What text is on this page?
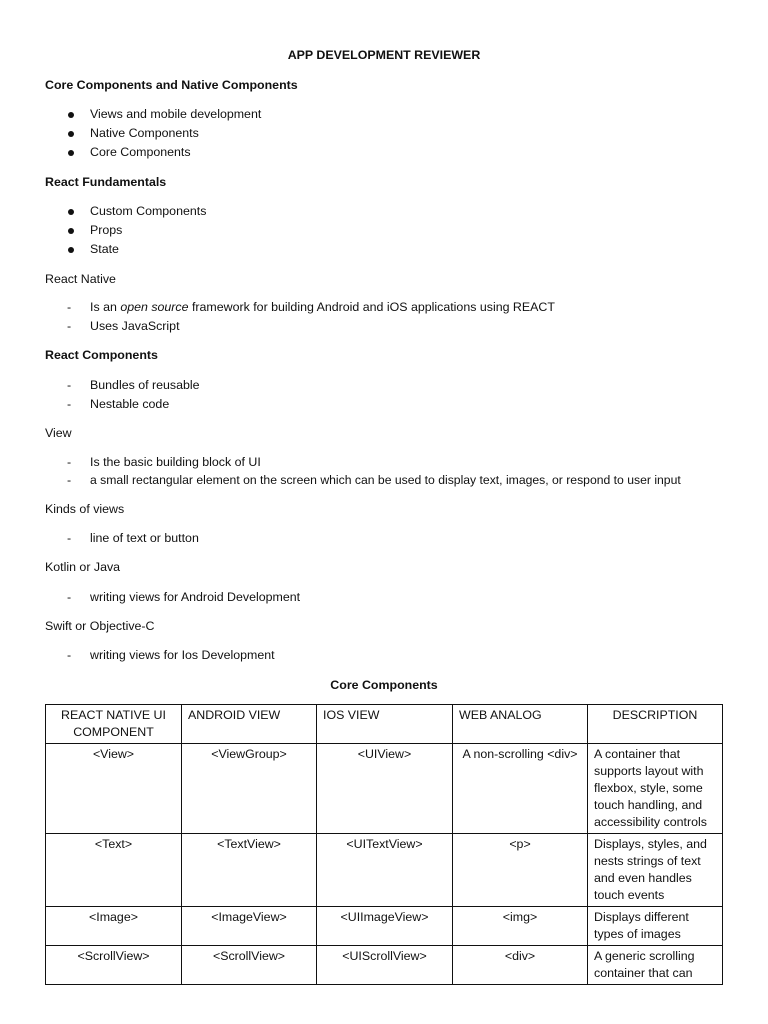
APP DEVELOPMENT REVIEWER
Core Components and Native Components
Views and mobile development
Native Components
Core Components
React Fundamentals
Custom Components
Props
State
React Native
-	Is an open source framework for building Android and iOS applications using REACT
-	Uses JavaScript
React Components
-	Bundles of reusable
-	Nestable code
View
-	Is the basic building block of UI
-	a small rectangular element on the screen which can be used to display text, images, or respond to user input
Kinds of views
-	line of text or button
Kotlin or Java
-	writing views for Android Development
Swift or Objective-C
-	writing views for Ios Development
Core Components
REACT NATIVE UI COMPONENT	ANDROID VIEW	IOS VIEW	WEB ANALOG	DESCRIPTION
<View>	<ViewGroup>	<UIView>	A non-scrolling <div>	A container that supports layout with flexbox, style, some touch handling, and accessibility controls
<Text>	<TextView>	<UITextView>	<p>	Displays, styles, and nests strings of text and even handles touch events
<Image>	<ImageView>	<UIImageView>	<img>	Displays different types of images
<ScrollView>	<ScrollView>	<UIScrollView>	<div>	A generic scrolling container that can
